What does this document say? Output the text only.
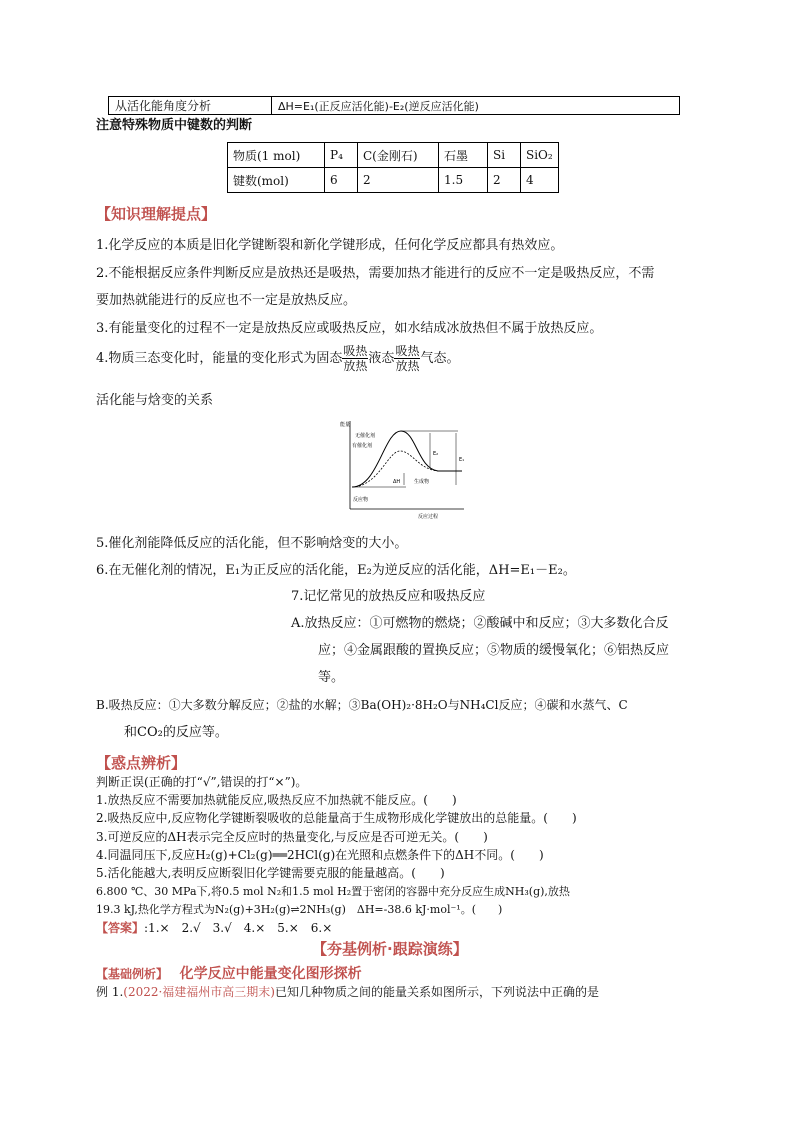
从活化能角度分析	ΔH=E₁(正反应活化能)-E₂(逆反应活化能)
注意特殊物质中键数的判断
物质(1 mol)	P₄	C(金刚石)	石墨	Si	SiO₂
键数(mol)	6	2	1.5	2	4
【知识理解提点】
1.化学反应的本质是旧化学键断裂和新化学键形成，任何化学反应都具有热效应。
2.不能根据反应条件判断反应是放热还是吸热，需要加热才能进行的反应不一定是吸热反应，不需
要加热就能进行的反应也不一定是放热反应。
3.有能量变化的过程不一定是放热反应或吸热反应，如水结成冰放热但不属于放热反应。
4.物质三态变化时，能量的变化形式为固态 吸热
放热 液态 吸热
放热 气态。
活化能与焓变的关系
能量
反应过程
无催化剂
有催化剂
反应物
生成物
E₂
E₁
ΔH
5.催化剂能降低反应的活化能，但不影响焓变的大小。
6.在无催化剂的情况，E₁为正反应的活化能，E₂为逆反应的活化能，ΔH=E₁－E₂。
7.记忆常见的放热反应和吸热反应
A.放热反应：①可燃物的燃烧；②酸碱中和反应；③大多数化合反
应；④金属跟酸的置换反应；⑤物质的缓慢氧化；⑥铝热反应
等。
B.吸热反应：①大多数分解反应；②盐的水解；③Ba(OH)₂·8H₂O与NH₄Cl反应；④碳和水蒸气、C
和CO₂的反应等。
【惑点辨析】
判断正误(正确的打“√”,错误的打“×”)。
1.放热反应不需要加热就能反应,吸热反应不加热就不能反应。(　　)
2.吸热反应中,反应物化学键断裂吸收的总能量高于生成物形成化学键放出的总能量。(　　)
3.可逆反应的ΔH表示完全反应时的热量变化,与反应是否可逆无关。(　　)
4.同温同压下,反应H₂(g)+Cl₂(g)══2HCl(g)在光照和点燃条件下的ΔH不同。(　　)
5.活化能越大,表明反应断裂旧化学键需要克服的能量越高。(　　)
6.800 ℃、30 MPa下,将0.5 mol N₂和1.5 mol H₂置于密闭的容器中充分反应生成NH₃(g),放热
19.3 kJ,热化学方程式为N₂(g)+3H₂(g)⇌2NH₃(g)　ΔH=-38.6 kJ·mol⁻¹。(　　)
【答案】:1.×　2.√　3.√　4.×　5.×　6.×
【夯基例析·跟踪演练】
【基础例析】 化学反应中能量变化图形探析
例 1.(2022·福建福州市高三期末)已知几种物质之间的能量关系如图所示，下列说法中正确的是
